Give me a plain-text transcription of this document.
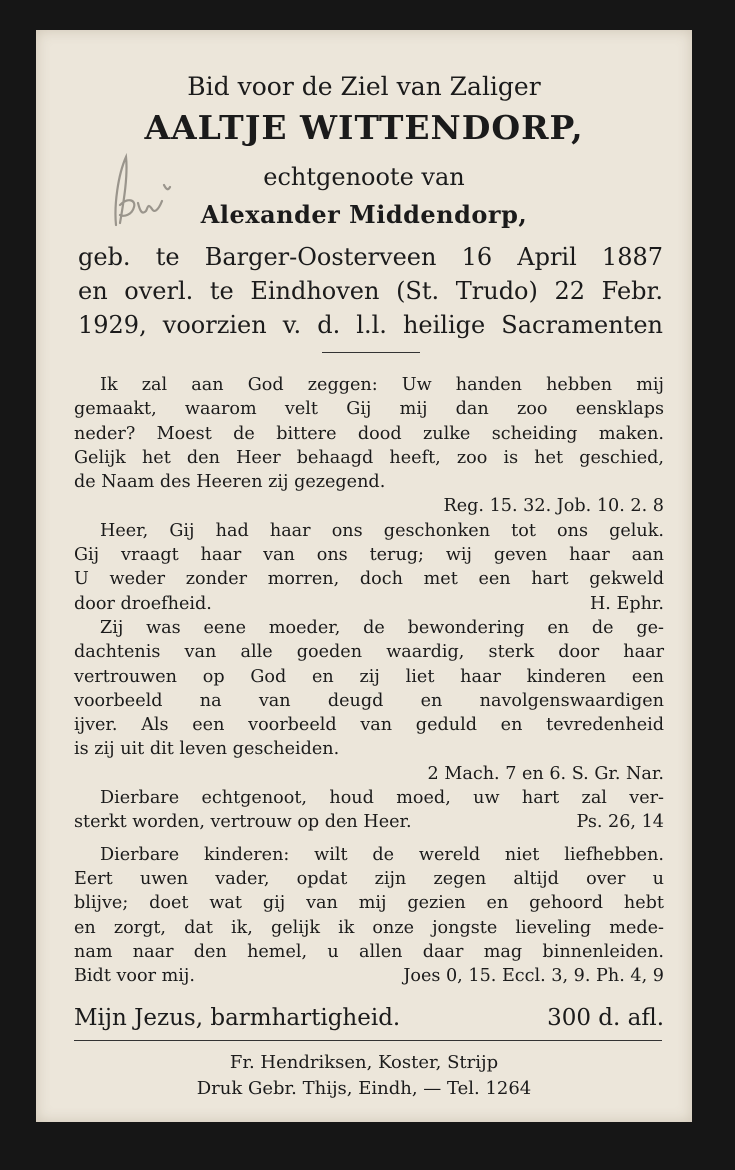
Bid voor de Ziel van Zaliger
AALTJE WITTENDORP,
echtgenoote van
Alexander Middendorp,
geb. te Barger-Oosterveen 16 April 1887
en overl. te Eindhoven (St. Trudo) 22 Febr.
1929, voorzien v. d. l.l. heilige Sacramenten
Ik zal aan God zeggen: Uw handen hebben mij
gemaakt, waarom velt Gij mij dan zoo eensklaps
neder? Moest de bittere dood zulke scheiding maken.
Gelijk het den Heer behaagd heeft, zoo is het geschied,
de Naam des Heeren zij gezegend.
Reg. 15. 32. Job. 10. 2. 8
Heer, Gij had haar ons geschonken tot ons geluk.
Gij vraagt haar van ons terug; wij geven haar aan
U weder zonder morren, doch met een hart gekweld
door droefheid.	H. Ephr.
Zij was eene moeder, de bewondering en de ge-
dachtenis van alle goeden waardig, sterk door haar
vertrouwen op God en zij liet haar kinderen een
voorbeeld na van deugd en navolgenswaardigen
ijver. Als een voorbeeld van geduld en tevredenheid
is zij uit dit leven gescheiden.
2 Mach. 7 en 6. S. Gr. Nar.
Dierbare echtgenoot, houd moed, uw hart zal ver-
sterkt worden, vertrouw op den Heer.	Ps. 26, 14
Dierbare kinderen: wilt de wereld niet liefhebben.
Eert uwen vader, opdat zijn zegen altijd over u
blijve; doet wat gij van mij gezien en gehoord hebt
en zorgt, dat ik, gelijk ik onze jongste lieveling mede-
nam naar den hemel, u allen daar mag binnenleiden.
Bidt voor mij.	Joes 0, 15. Eccl. 3, 9. Ph. 4, 9
Mijn Jezus, barmhartigheid.	300 d. afl.
Fr. Hendriksen, Koster, Strijp
Druk Gebr. Thijs, Eindh, — Tel. 1264
